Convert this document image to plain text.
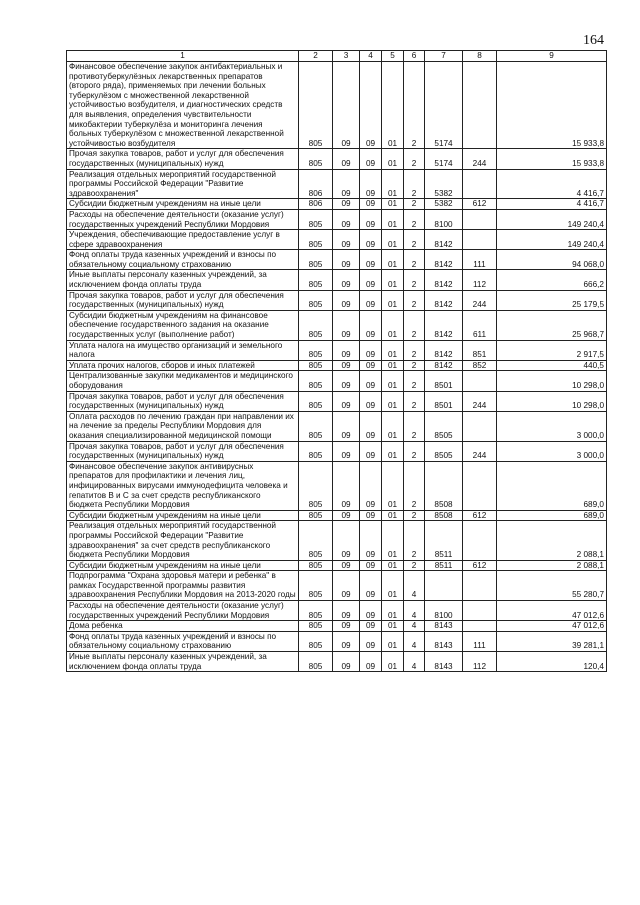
164
1	2	3	4	5	6	7	8	9
Финансовое обеспечение закупок антибактериальных и противотуберкулёзных лекарственных препаратов (второго ряда), применяемых при лечении больных туберкулёзом с множественной лекарственной устойчивостью возбудителя, и диагностических средств для выявления, определения чувствительности микобактерии туберкулёза и мониторинга лечения больных туберкулёзом с множественной лекарственной устойчивостью возбудителя	805	09	09	01	2	5174		15 933,8
Прочая закупка товаров, работ и услуг для обеспечения государственных (муниципальных) нужд	805	09	09	01	2	5174	244	15 933,8
Реализация отдельных мероприятий государственной программы Российской Федерации "Развитие здравоохранения"	806	09	09	01	2	5382		4 416,7
Субсидии бюджетным учреждениям на иные цели	806	09	09	01	2	5382	612	4 416,7
Расходы на обеспечение деятельности (оказание услуг) государственных учреждений Республики Мордовия	805	09	09	01	2	8100		149 240,4
Учреждения, обеспечивающие предоставление услуг в сфере здравоохранения	805	09	09	01	2	8142		149 240,4
Фонд оплаты труда казенных учреждений и взносы по обязательному социальному страхованию	805	09	09	01	2	8142	111	94 068,0
Иные выплаты персоналу казенных учреждений, за исключением фонда оплаты труда	805	09	09	01	2	8142	112	666,2
Прочая закупка товаров, работ и услуг для обеспечения государственных (муниципальных) нужд	805	09	09	01	2	8142	244	25 179,5
Субсидии бюджетным учреждениям на финансовое обеспечение государственного задания на оказание государственных услуг (выполнение работ)	805	09	09	01	2	8142	611	25 968,7
Уплата налога на имущество организаций и земельного налога	805	09	09	01	2	8142	851	2 917,5
Уплата прочих налогов, сборов и иных платежей	805	09	09	01	2	8142	852	440,5
Централизованные закупки медикаментов и медицинского оборудования	805	09	09	01	2	8501		10 298,0
Прочая закупка товаров, работ и услуг для обеспечения государственных (муниципальных) нужд	805	09	09	01	2	8501	244	10 298,0
Оплата расходов по лечению граждан при направлении их на лечение за пределы Республики Мордовия для оказания специализированной медицинской помощи	805	09	09	01	2	8505		3 000,0
Прочая закупка товаров, работ и услуг для обеспечения государственных (муниципальных) нужд	805	09	09	01	2	8505	244	3 000,0
Финансовое обеспечение закупок антивирусных препаратов для профилактики и лечения лиц, инфицированных вирусами иммунодефицита человека и гепатитов В и С за счет средств республиканского бюджета Республики Мордовия	805	09	09	01	2	8508		689,0
Субсидии бюджетным учреждениям на иные цели	805	09	09	01	2	8508	612	689,0
Реализация отдельных мероприятий государственной программы Российской Федерации "Развитие здравоохранения" за счет средств республиканского бюджета Республики Мордовия	805	09	09	01	2	8511		2 088,1
Субсидии бюджетным учреждениям на иные цели	805	09	09	01	2	8511	612	2 088,1
Подпрограмма "Охрана здоровья матери и ребенка" в рамках Государственной программы развития здравоохранения Республики Мордовия на 2013-2020 годы	805	09	09	01	4			55 280,7
Расходы на обеспечение деятельности (оказание услуг) государственных учреждений Республики Мордовия	805	09	09	01	4	8100		47 012,6
Дома ребенка	805	09	09	01	4	8143		47 012,6
Фонд оплаты труда казенных учреждений и взносы по обязательному социальному страхованию	805	09	09	01	4	8143	111	39 281,1
Иные выплаты персоналу казенных учреждений, за исключением фонда оплаты труда	805	09	09	01	4	8143	112	120,4
